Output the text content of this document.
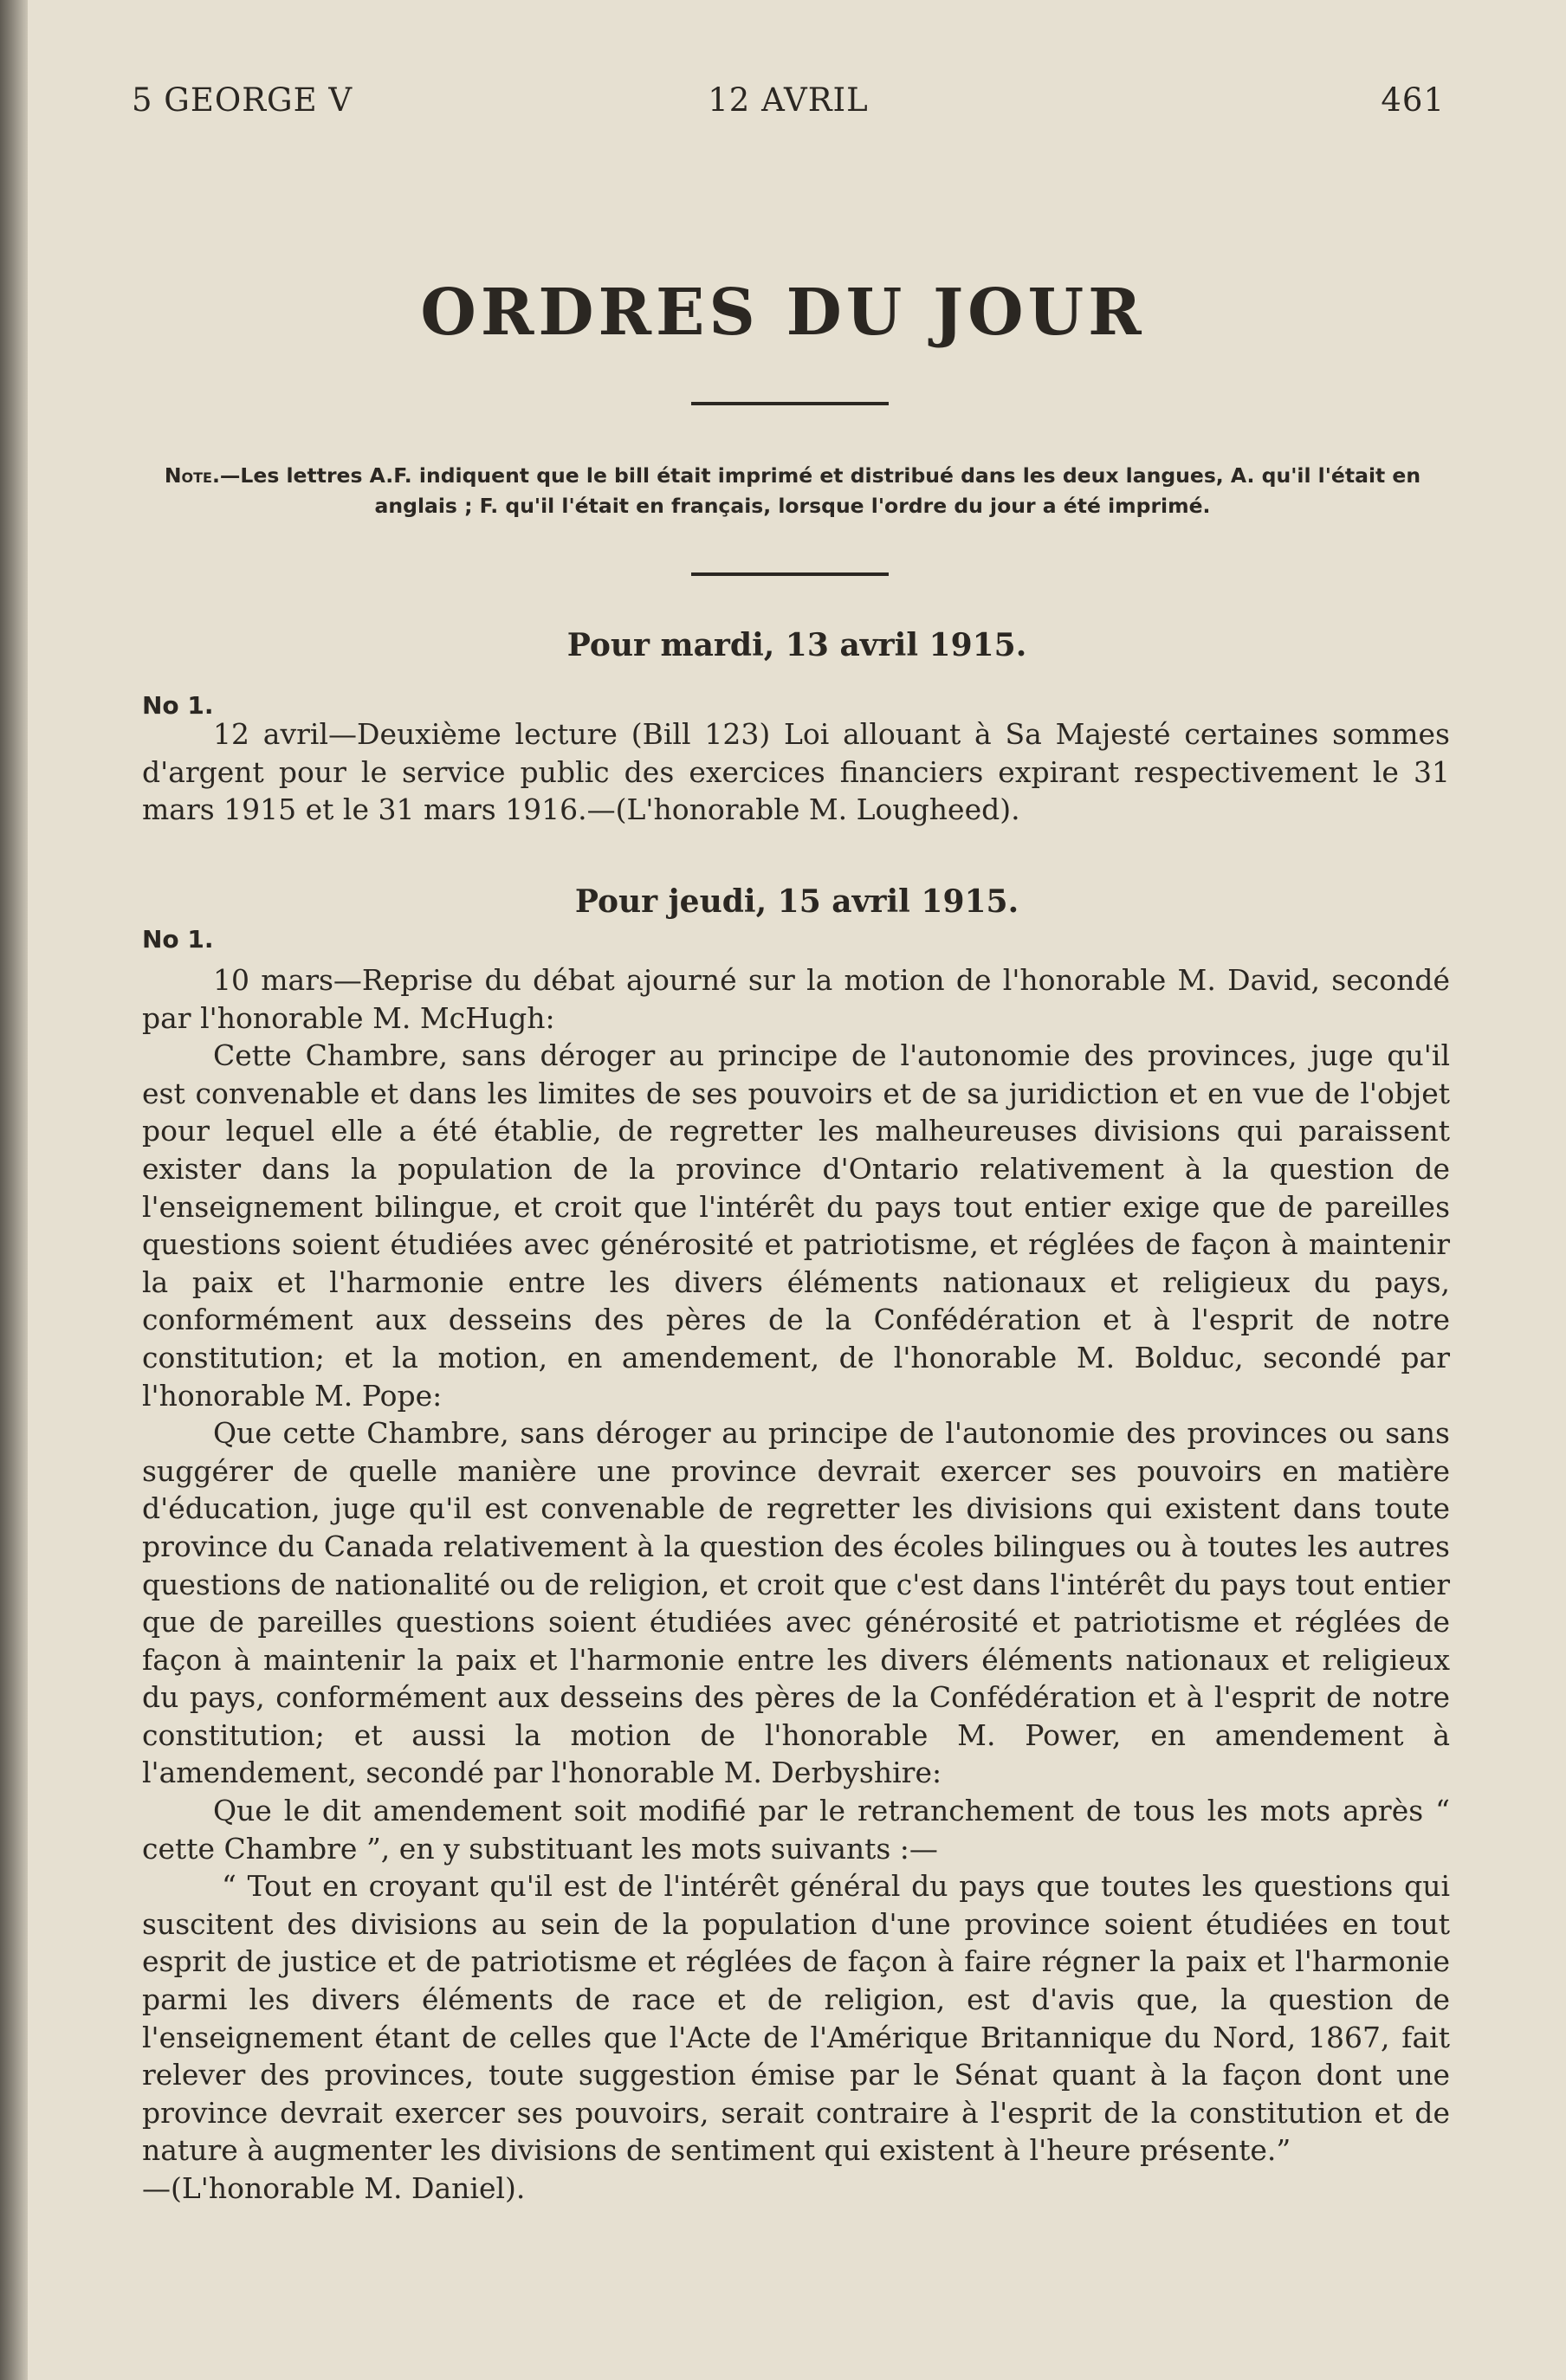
5 GEORGE V	12 AVRIL	461
ORDRES DU JOUR
Note.—Les lettres A.F. indiquent que le bill était imprimé et distribué dans les deux langues, A. qu'il l'était en anglais ; F. qu'il l'était en français, lorsque l'ordre du jour a été imprimé.
Pour mardi, 13 avril 1915.
No 1.

12 avril—Deuxième lecture (Bill 123) Loi allouant à Sa Majesté certaines sommes d'argent pour le service public des exercices financiers expirant respectivement le 31 mars 1915 et le 31 mars 1916.—(L'honorable M. Lougheed).

Pour jeudi, 15 avril 1915.
No 1.

10 mars—Reprise du débat ajourné sur la motion de l'honorable M. David, secondé par l'honorable M. McHugh:

Cette Chambre, sans déroger au principe de l'autonomie des provinces, juge qu'il est convenable et dans les limites de ses pouvoirs et de sa juridiction et en vue de l'objet pour lequel elle a été établie, de regretter les malheureuses divisions qui paraissent exister dans la population de la province d'Ontario relativement à la question de l'enseignement bilingue, et croit que l'intérêt du pays tout entier exige que de pareilles questions soient étudiées avec générosité et patriotisme, et réglées de façon à maintenir la paix et l'harmonie entre les divers éléments nationaux et religieux du pays, conformément aux desseins des pères de la Confédération et à l'esprit de notre constitution; et la motion, en amendement, de l'honorable M. Bolduc, secondé par l'honorable M. Pope:

Que cette Chambre, sans déroger au principe de l'autonomie des provinces ou sans suggérer de quelle manière une province devrait exercer ses pouvoirs en matière d'éducation, juge qu'il est convenable de regretter les divisions qui existent dans toute province du Canada relativement à la question des écoles bilingues ou à toutes les autres questions de nationalité ou de religion, et croit que c'est dans l'intérêt du pays tout entier que de pareilles questions soient étudiées avec générosité et patriotisme et réglées de façon à maintenir la paix et l'harmonie entre les divers éléments nationaux et religieux du pays, conformément aux desseins des pères de la Confédération et à l'esprit de notre constitution; et aussi la motion de l'honorable M. Power, en amendement à l'amendement, secondé par l'honorable M. Derbyshire:

Que le dit amendement soit modifié par le retranchement de tous les mots après “ cette Chambre ”, en y substituant les mots suivants :—

“ Tout en croyant qu'il est de l'intérêt général du pays que toutes les questions qui suscitent des divisions au sein de la population d'une province soient étudiées en tout esprit de justice et de patriotisme et réglées de façon à faire régner la paix et l'harmonie parmi les divers éléments de race et de religion, est d'avis que, la question de l'enseignement étant de celles que l'Acte de l'Amérique Britannique du Nord, 1867, fait relever des provinces, toute suggestion émise par le Sénat quant à la façon dont une province devrait exercer ses pouvoirs, serait contraire à l'esprit de la constitution et de nature à augmenter les divisions de sentiment qui existent à l'heure présente.”

—(L'honorable M. Daniel).
